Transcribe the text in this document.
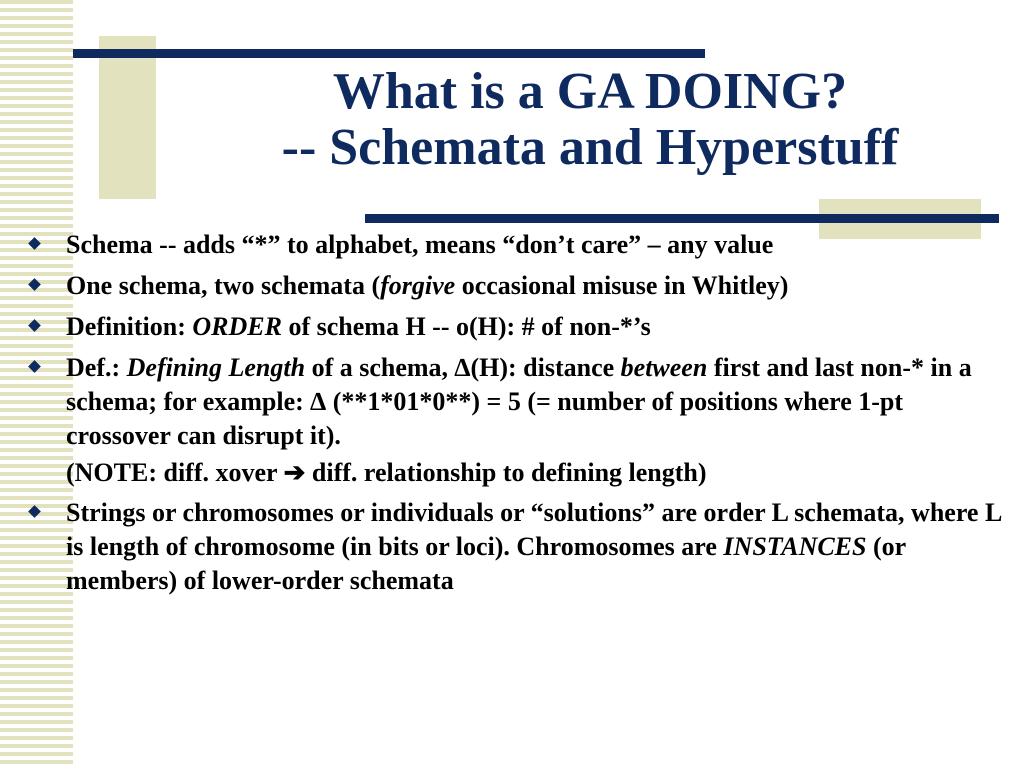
What is a GA DOING?
-- Schemata and Hyperstuff
Schema -- adds “*” to alphabet, means “don’t care” – any value
One schema, two schemata (forgive occasional misuse in Whitley)
Definition: ORDER of schema H -- o(H): # of non-*’s
Def.: Defining Length of a schema, ∆(H): distance between first and last non-* in a schema; for example: ∆ (**1*01*0**) = 5 (= number of positions where 1-pt crossover can disrupt it).
(NOTE: diff. xover ➔ diff. relationship to defining length)
Strings or chromosomes or individuals or “solutions” are order L schemata, where L is length of chromosome (in bits or loci). Chromosomes are INSTANCES (or members) of lower-order schemata
